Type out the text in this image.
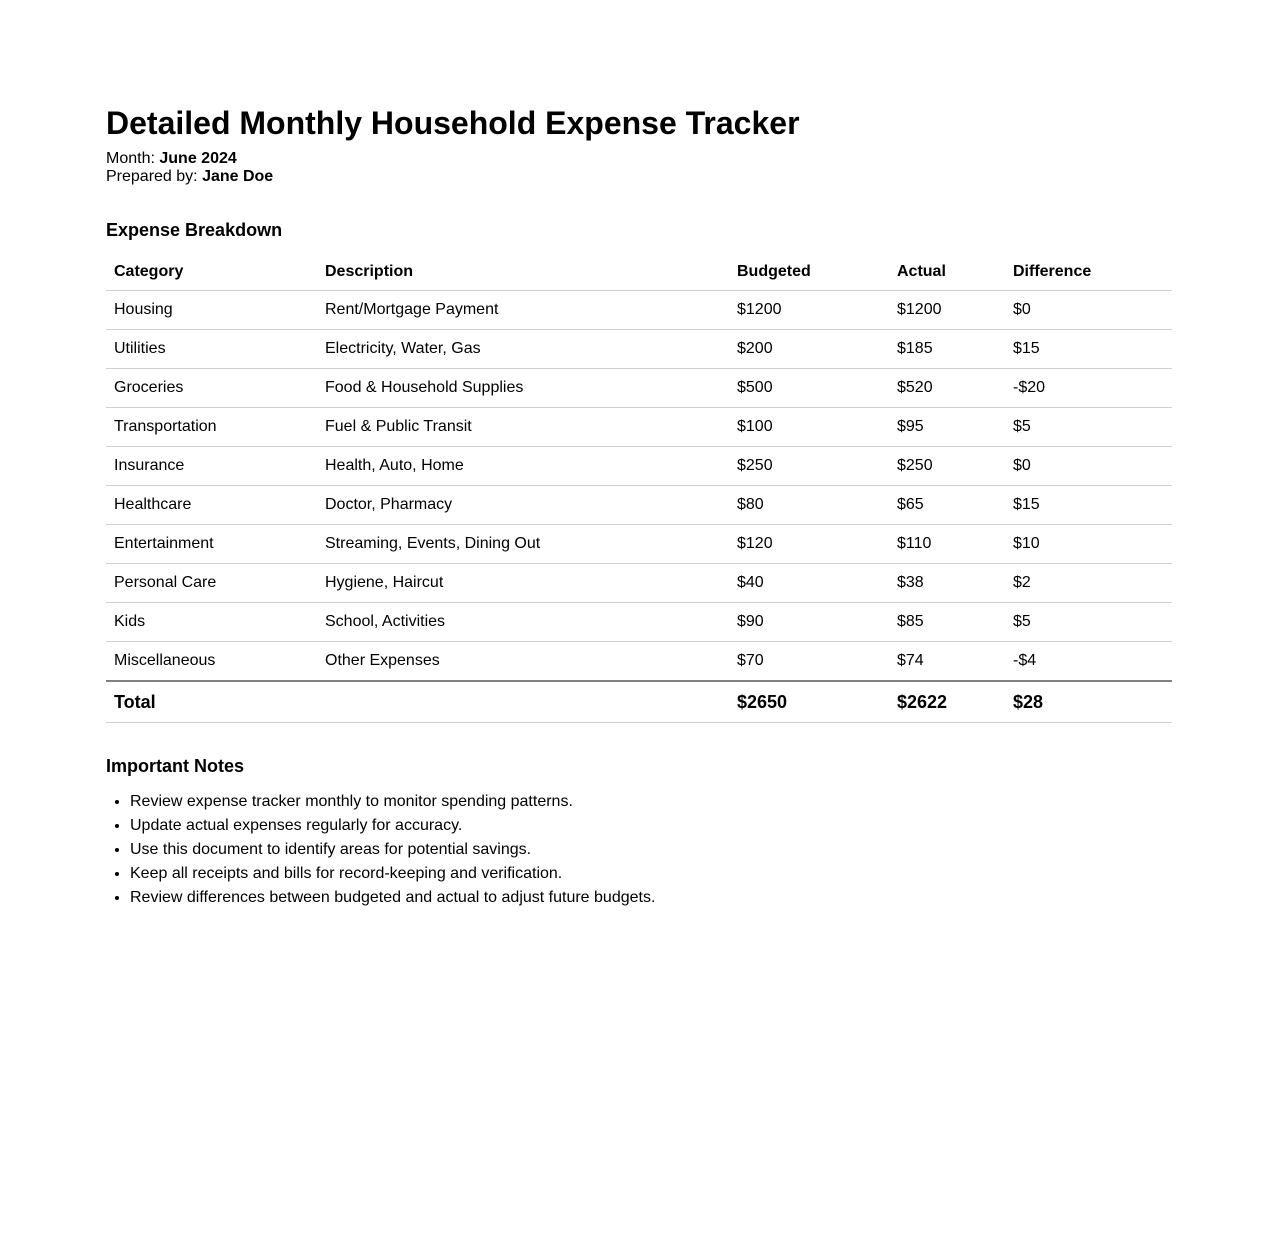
Detailed Monthly Household Expense Tracker
Month: June 2024
Prepared by: Jane Doe
Expense Breakdown
Category	Description	Budgeted	Actual	Difference
Housing	Rent/Mortgage Payment	$1200	$1200	$0
Utilities	Electricity, Water, Gas	$200	$185	$15
Groceries	Food & Household Supplies	$500	$520	-$20
Transportation	Fuel & Public Transit	$100	$95	$5
Insurance	Health, Auto, Home	$250	$250	$0
Healthcare	Doctor, Pharmacy	$80	$65	$15
Entertainment	Streaming, Events, Dining Out	$120	$110	$10
Personal Care	Hygiene, Haircut	$40	$38	$2
Kids	School, Activities	$90	$85	$5
Miscellaneous	Other Expenses	$70	$74	-$4
Total		$2650	$2622	$28
Important Notes
• Review expense tracker monthly to monitor spending patterns.
• Update actual expenses regularly for accuracy.
• Use this document to identify areas for potential savings.
• Keep all receipts and bills for record-keeping and verification.
• Review differences between budgeted and actual to adjust future budgets.
